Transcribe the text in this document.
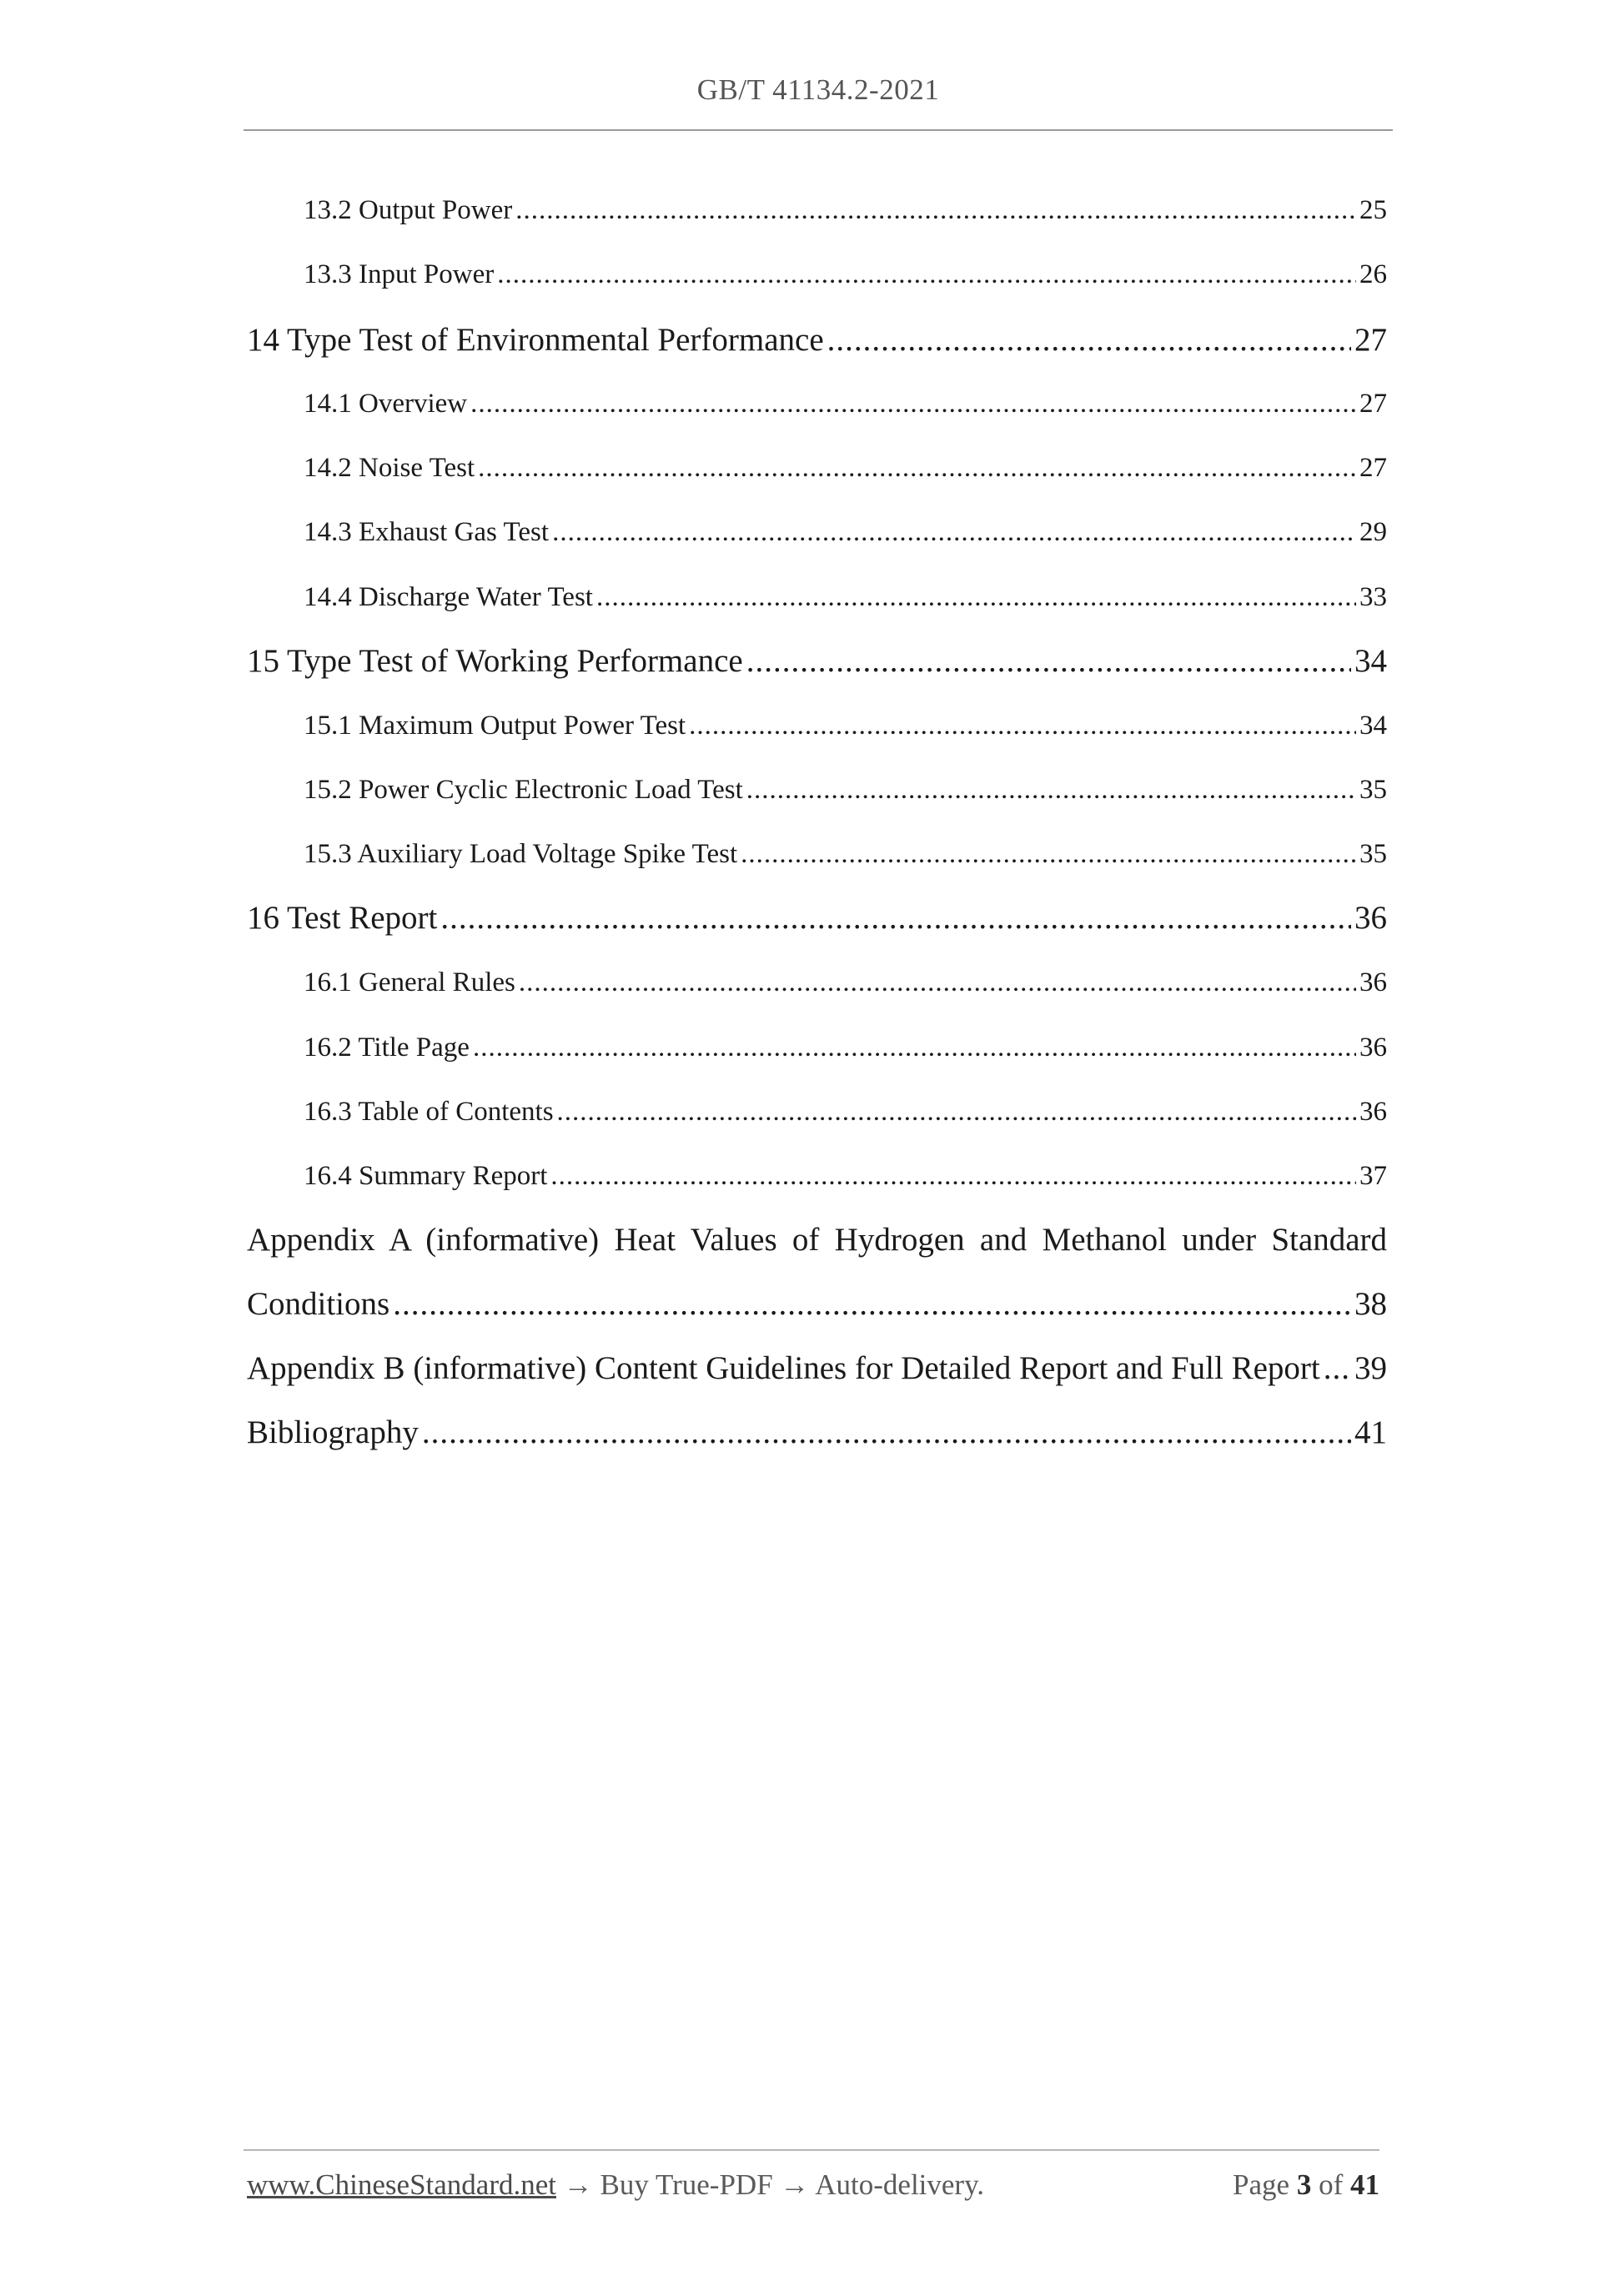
GB/T 41134.2-2021
13.2 Output Power .....	25
13.3 Input Power .....	26
14 Type Test of Environmental Performance .....	27
14.1 Overview .....	27
14.2 Noise Test .....	27
14.3 Exhaust Gas Test .....	29
14.4 Discharge Water Test .....	33
15 Type Test of Working Performance .....	34
15.1 Maximum Output Power Test .....	34
15.2 Power Cyclic Electronic Load Test .....	35
15.3 Auxiliary Load Voltage Spike Test .....	35
16 Test Report .....	36
16.1 General Rules .....	36
16.2 Title Page .....	36
16.3 Table of Contents .....	36
16.4 Summary Report .....	37
Appendix A (informative) Heat Values of Hydrogen and Methanol under Standard
Conditions .....	38
Appendix B (informative) Content Guidelines for Detailed Report and Full Report ..... 39
Bibliography .....	41
www.ChineseStandard.net → Buy True-PDF → Auto-delivery.	Page 3 of 41
